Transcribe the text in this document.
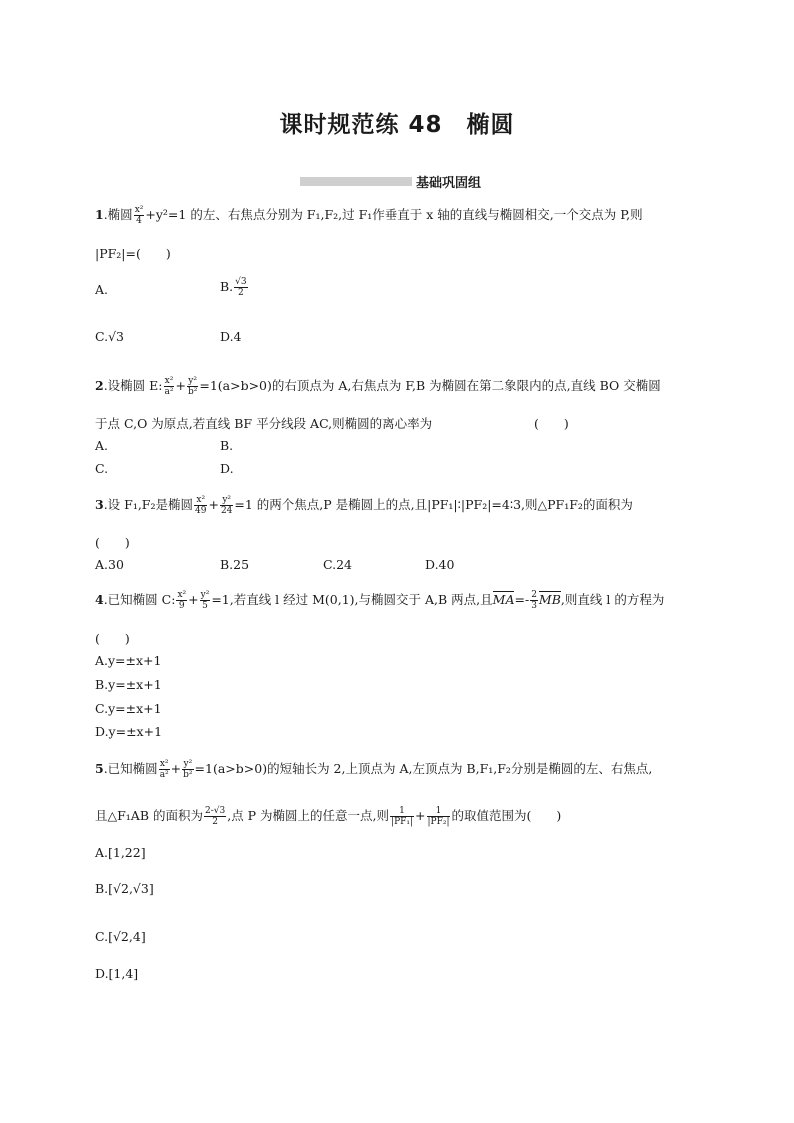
课时规范练 48　椭圆
基础巩固组
1.椭圆 $\frac{\text{x²}}{4} +y^2=1$ 的左、右焦点分别为 F₁,F₂,过 F₁作垂直于 x 轴的直线与椭圆相交,一个交点为 P,则
|PF₂|=(　　)
A.	B. $\frac{√3}{2}$
C.√3	D.4
2.设椭圆 E: $\frac{\text{x²}}{\text{a²}} + \frac{\text{y²}}{\text{b²}} =1(a>b>0)$的右顶点为 A,右焦点为 F,B 为椭圆在第二象限内的点,直线 BO 交椭圆
于点 C,O 为原点,若直线 BF 平分线段 AC,则椭圆的离心率为	(　　)
A.	B.
C.	D.
3.设 F₁,F₂是椭圆 $\frac{\text{x²}}{49} + \frac{\text{y²}}{24} =1$ 的两个焦点,P 是椭圆上的点,且|PF₁|∶|PF₂|=4∶3,则△PF₁F₂的面积为
(　　)
A.30	B.25	C.24	D.40
4.已知椭圆 C: $\frac{\text{x²}}{9} + \frac{\text{y²}}{5} =1$,若直线 l 经过 M(0,1),与椭圆交于 A,B 两点,且$MA=- \frac{2}{3}$ MB,则直线 l 的方程为
(　　)
A.y=±x+1
B.y=±x+1
C.y=±x+1
D.y=±x+1
5.已知椭圆 $\frac{\text{x²}}{\text{a²}} + \frac{\text{y²}}{\text{b²}} =1(a>b>0)$的短轴长为 2,上顶点为 A,左顶点为 B,F₁,F₂分别是椭圆的左、右焦点,
且△F₁AB 的面积为 $\frac{2-√3}{2}$ ,点 P 为椭圆上的任意一点,则 $\frac{1}{\text{|PF₁|}} + \frac{1}{\text{|PF₂|}}$ 的取值范围为(　　)
A.[1,22]
B.[√2,√3]
C.[√2,4]
D.[1,4]
